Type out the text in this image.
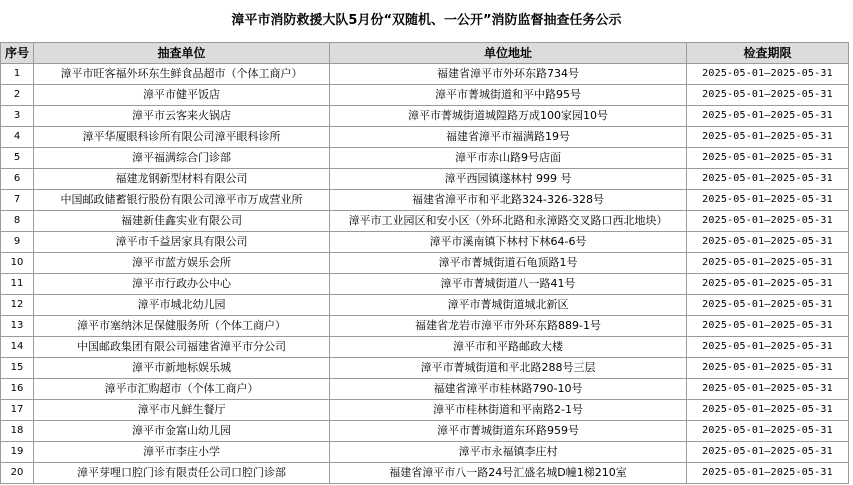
漳平市消防救援大队5月份“双随机、一公开”消防监督抽查任务公示
序号	抽查单位	单位地址	检查期限
1	漳平市旺客福外环东生鲜食品超市（个体工商户）	福建省漳平市外环东路734号	2025-05-01—2025-05-31
2	漳平市健平饭店	漳平市菁城街道和平中路95号	2025-05-01—2025-05-31
3	漳平市云客来火锅店	漳平市菁城街道城隍路万成100家园10号	2025-05-01—2025-05-31
4	漳平华厦眼科诊所有限公司漳平眼科诊所	福建省漳平市福满路19号	2025-05-01—2025-05-31
5	漳平福满综合门诊部	漳平市赤山路9号店面	2025-05-01—2025-05-31
6	福建龙钢新型材料有限公司	漳平西园镇遂林村 999 号	2025-05-01—2025-05-31
7	中国邮政储蓄银行股份有限公司漳平市万成营业所	福建省漳平市和平北路324-326-328号	2025-05-01—2025-05-31
8	福建新佳鑫实业有限公司	漳平市工业园区和安小区（外环北路和永漳路交叉路口西北地块）	2025-05-01—2025-05-31
9	漳平市千益居家具有限公司	漳平市溪南镇下林村下林64-6号	2025-05-01—2025-05-31
10	漳平市蓝方娱乐会所	漳平市菁城街道石龟顶路1号	2025-05-01—2025-05-31
11	漳平市行政办公中心	漳平市菁城街道八一路41号	2025-05-01—2025-05-31
12	漳平市城北幼儿园	漳平市菁城街道城北新区	2025-05-01—2025-05-31
13	漳平市塞纳沐足保健服务所（个体工商户）	福建省龙岩市漳平市外环东路889-1号	2025-05-01—2025-05-31
14	中国邮政集团有限公司福建省漳平市分公司	漳平市和平路邮政大楼	2025-05-01—2025-05-31
15	漳平市新地标娱乐城	漳平市菁城街道和平北路288号三层	2025-05-01—2025-05-31
16	漳平市汇购超市（个体工商户）	福建省漳平市桂林路790-10号	2025-05-01—2025-05-31
17	漳平市凡鲜生餐厅	漳平市桂林街道和平南路2-1号	2025-05-01—2025-05-31
18	漳平市金富山幼儿园	漳平市菁城街道东环路959号	2025-05-01—2025-05-31
19	漳平市李庄小学	漳平市永福镇李庄村	2025-05-01—2025-05-31
20	漳平芽哩口腔门诊有限责任公司口腔门诊部	福建省漳平市八一路24号汇盛名城D幢1梯210室	2025-05-01—2025-05-31
